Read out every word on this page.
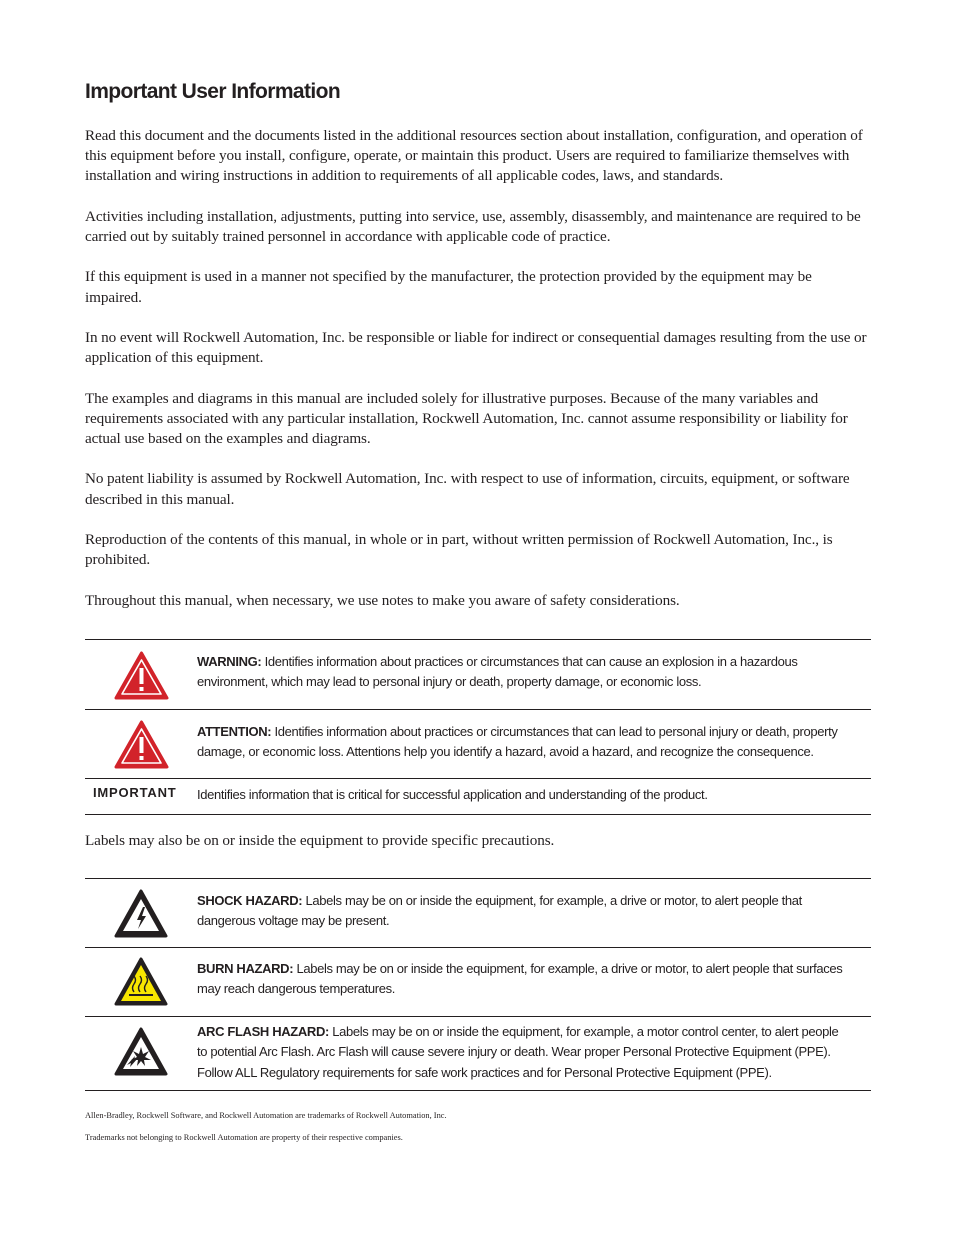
Important User Information

Read this document and the documents listed in the additional resources section about installation, configuration, and operation of this equipment before you install, configure, operate, or maintain this product. Users are required to familiarize themselves with installation and wiring instructions in addition to requirements of all applicable codes, laws, and standards.

Activities including installation, adjustments, putting into service, use, assembly, disassembly, and maintenance are required to be carried out by suitably trained personnel in accordance with applicable code of practice.

If this equipment is used in a manner not specified by the manufacturer, the protection provided by the equipment may be impaired.

In no event will Rockwell Automation, Inc. be responsible or liable for indirect or consequential damages resulting from the use or application of this equipment.

The examples and diagrams in this manual are included solely for illustrative purposes. Because of the many variables and requirements associated with any particular installation, Rockwell Automation, Inc. cannot assume responsibility or liability for actual use based on the examples and diagrams.

No patent liability is assumed by Rockwell Automation, Inc. with respect to use of information, circuits, equipment, or software described in this manual.

Reproduction of the contents of this manual, in whole or in part, without written permission of Rockwell Automation, Inc., is prohibited.

Throughout this manual, when necessary, we use notes to make you aware of safety considerations.

	WARNING: Identifies information about practices or circumstances that can cause an explosion in a hazardous environment, which may lead to personal injury or death, property damage, or economic loss.

	ATTENTION: Identifies information about practices or circumstances that can lead to personal injury or death, property damage, or economic loss. Attentions help you identify a hazard, avoid a hazard, and recognize the consequence.

IMPORTANT	Identifies information that is critical for successful application and understanding of the product.

Labels may also be on or inside the equipment to provide specific precautions.

	SHOCK HAZARD: Labels may be on or inside the equipment, for example, a drive or motor, to alert people that dangerous voltage may be present.

	BURN HAZARD: Labels may be on or inside the equipment, for example, a drive or motor, to alert people that surfaces may reach dangerous temperatures.

	ARC FLASH HAZARD: Labels may be on or inside the equipment, for example, a motor control center, to alert people to potential Arc Flash. Arc Flash will cause severe injury or death. Wear proper Personal Protective Equipment (PPE). Follow ALL Regulatory requirements for safe work practices and for Personal Protective Equipment (PPE).

Allen-Bradley, Rockwell Software, and Rockwell Automation are trademarks of Rockwell Automation, Inc.

Trademarks not belonging to Rockwell Automation are property of their respective companies.
